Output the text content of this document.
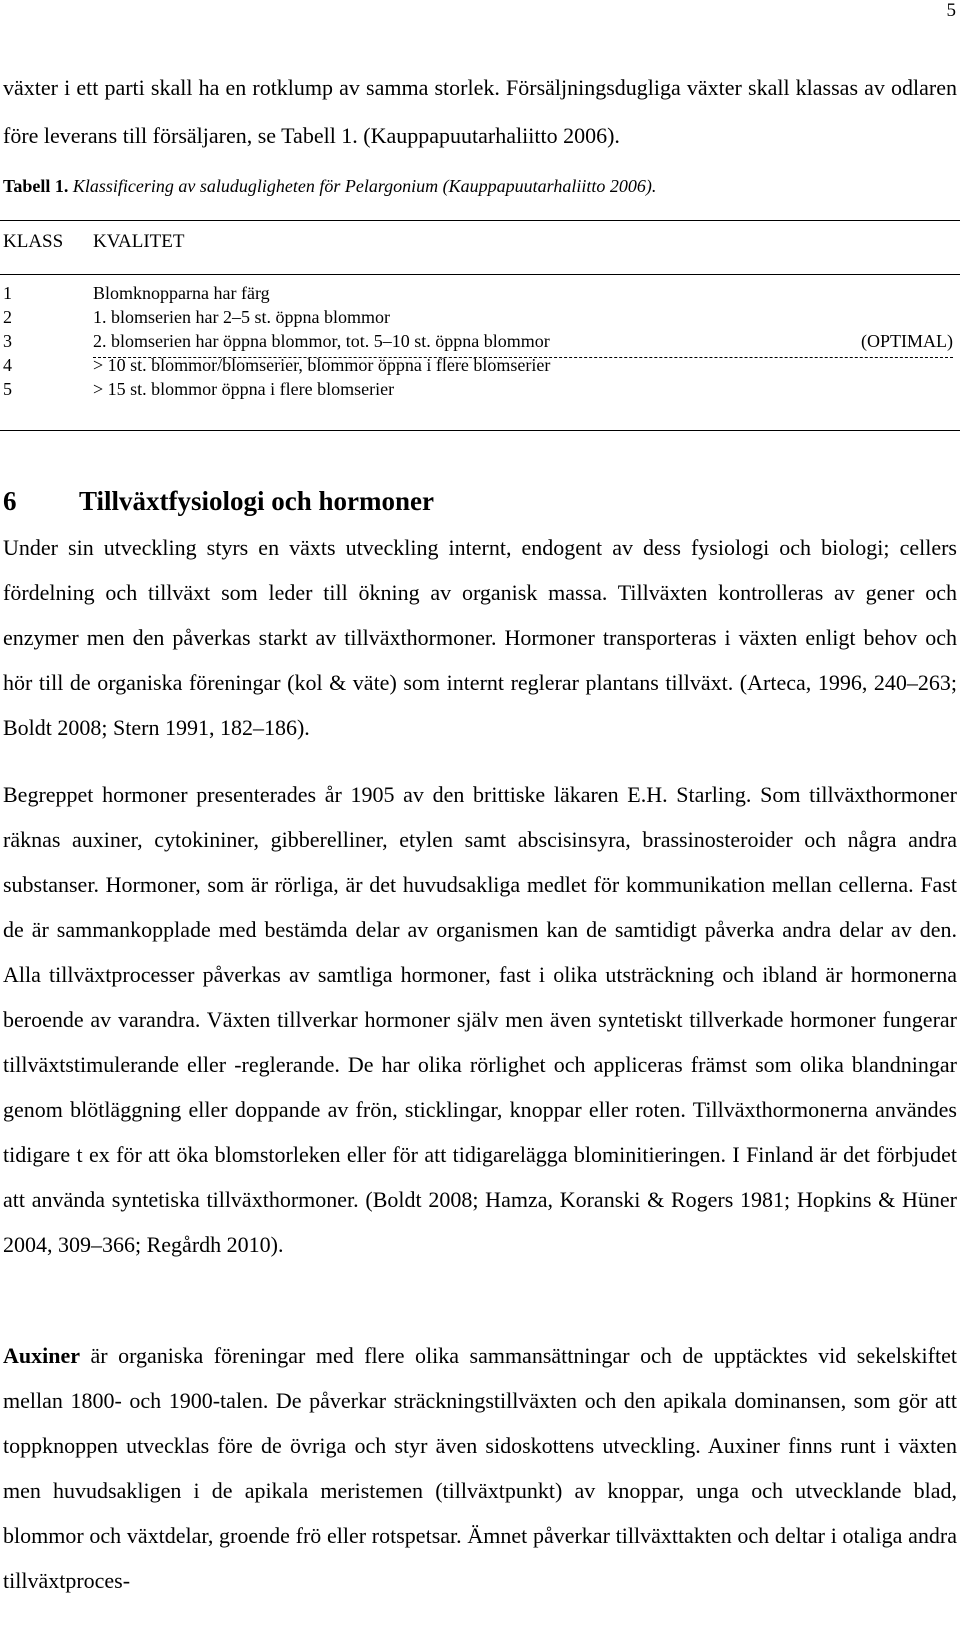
5

växter i ett parti skall ha en rotklump av samma storlek. Försäljningsdugliga växter skall klassas av odlaren före leverans till försäljaren, se Tabell 1. (Kauppapuutarhaliitto 2006).

Tabell 1. Klassificering av saludugligheten för Pelargonium (Kauppapuutarhaliitto 2006).
KLASS KVALITET
1	Blomknopparna har färg
2	1. blomserien har 2–5 st. öppna blommor
3	2. blomserien har öppna blommor, tot. 5–10 st. öppna blommor	(OPTIMAL)
4	> 10 st. blommor/blomserier, blommor öppna i flere blomserier
5	> 15 st. blommor öppna i flere blomserier
6 Tillväxtfysiologi och hormoner

Under sin utveckling styrs en växts utveckling internt, endogent av dess fysiologi och biologi; cellers fördelning och tillväxt som leder till ökning av organisk massa. Tillväxten kontrolleras av gener och enzymer men den påverkas starkt av tillväxthormoner. Hormoner transporteras i växten enligt behov och hör till de organiska föreningar (kol & väte) som internt reglerar plantans tillväxt. (Arteca, 1996, 240–263; Boldt 2008; Stern 1991, 182–186).

Begreppet hormoner presenterades år 1905 av den brittiske läkaren E.H. Starling. Som tillväxthormoner räknas auxiner, cytokininer, gibberelliner, etylen samt abscisinsyra, brassinosteroider och några andra substanser. Hormoner, som är rörliga, är det huvudsakliga medlet för kommunikation mellan cellerna. Fast de är sammankopplade med bestämda delar av organismen kan de samtidigt påverka andra delar av den. Alla tillväxtprocesser påverkas av samtliga hormoner, fast i olika utsträckning och ibland är hormonerna beroende av varandra. Växten tillverkar hormoner själv men även syntetiskt tillverkade hormoner fungerar tillväxtstimulerande eller -reglerande. De har olika rörlighet och appliceras främst som olika blandningar genom blötläggning eller doppande av frön, sticklingar, knoppar eller roten. Tillväxthormonerna användes tidigare t ex för att öka blomstorleken eller för att tidigarelägga blominitieringen. I Finland är det förbjudet att använda syntetiska tillväxthormoner. (Boldt 2008; Hamza, Koranski & Rogers 1981; Hopkins & Hüner 2004, 309–366; Regårdh 2010).

Auxiner är organiska föreningar med flere olika sammansättningar och de upptäcktes vid sekelskiftet mellan 1800- och 1900-talen. De påverkar sträckningstillväxten och den apikala dominansen, som gör att toppknoppen utvecklas före de övriga och styr även sidoskottens utveckling. Auxiner finns runt i växten men huvudsakligen i de apikala meristemen (tillväxtpunkt) av knoppar, unga och utvecklande blad, blommor och växtdelar, groende frö eller rotspetsar. Ämnet påverkar tillväxttakten och deltar i otaliga andra tillväxtproces-
